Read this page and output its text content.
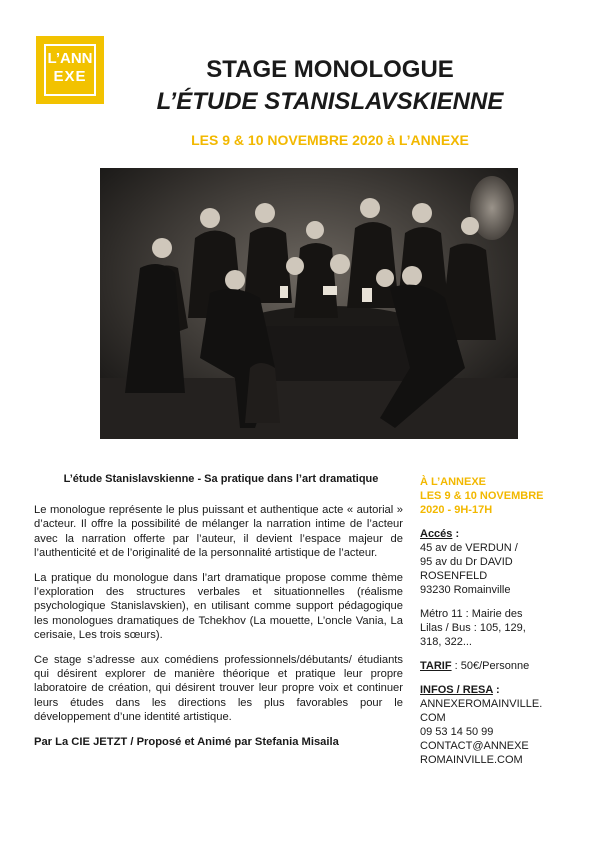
L’ANN
EXE	STAGE MONOLOGUE
L’ÉTUDE STANISLAVSKIENNE
LES 9 & 10 NOVEMBRE 2020 à L’ANNEXE
L’étude Stanislavskienne - Sa pratique dans l’art dramatique

Le monologue représente le plus puissant et authentique acte « autorial » d’acteur. Il offre la possibilité de mélanger la narration intime de l’acteur avec la narration offerte par l’auteur, il devient l’espace majeur de l’authenticité et de l’originalité de la personnalité artistique de l’acteur.

La pratique du monologue dans l’art dramatique propose comme thème l’exploration des structures verbales et situationnelles (réalisme psychologique Stanislavskien), en utilisant comme support pédagogique les monologues dramatiques de Tchekhov (La mouette, L’oncle Vania, La cerisaie, Les trois sœurs).

Ce stage s’adresse aux comédiens professionnels/débutants/ étudiants qui désirent explorer de manière théorique et pratique leur propre laboratoire de création, qui désirent trouver leur propre voix et continuer leurs études dans les directions les plus favorables pour le développement d’une identité artistique.

Par La CIE JETZT / Proposé et Animé par Stefania Misaila

À L’ANNEXE
LES 9 & 10 NOVEMBRE
2020 - 9H-17H
Accés :
45 av de VERDUN /
95 av du Dr DAVID
ROSENFELD
93230 Romainville
Métro 11 : Mairie des
Lilas / Bus : 105, 129,
318, 322...
TARIF : 50€/Personne
INFOS / RESA :
ANNEXEROMAINVILLE.
COM
09 53 14 50 99
CONTACT@ANNEXE
ROMAINVILLE.COM
